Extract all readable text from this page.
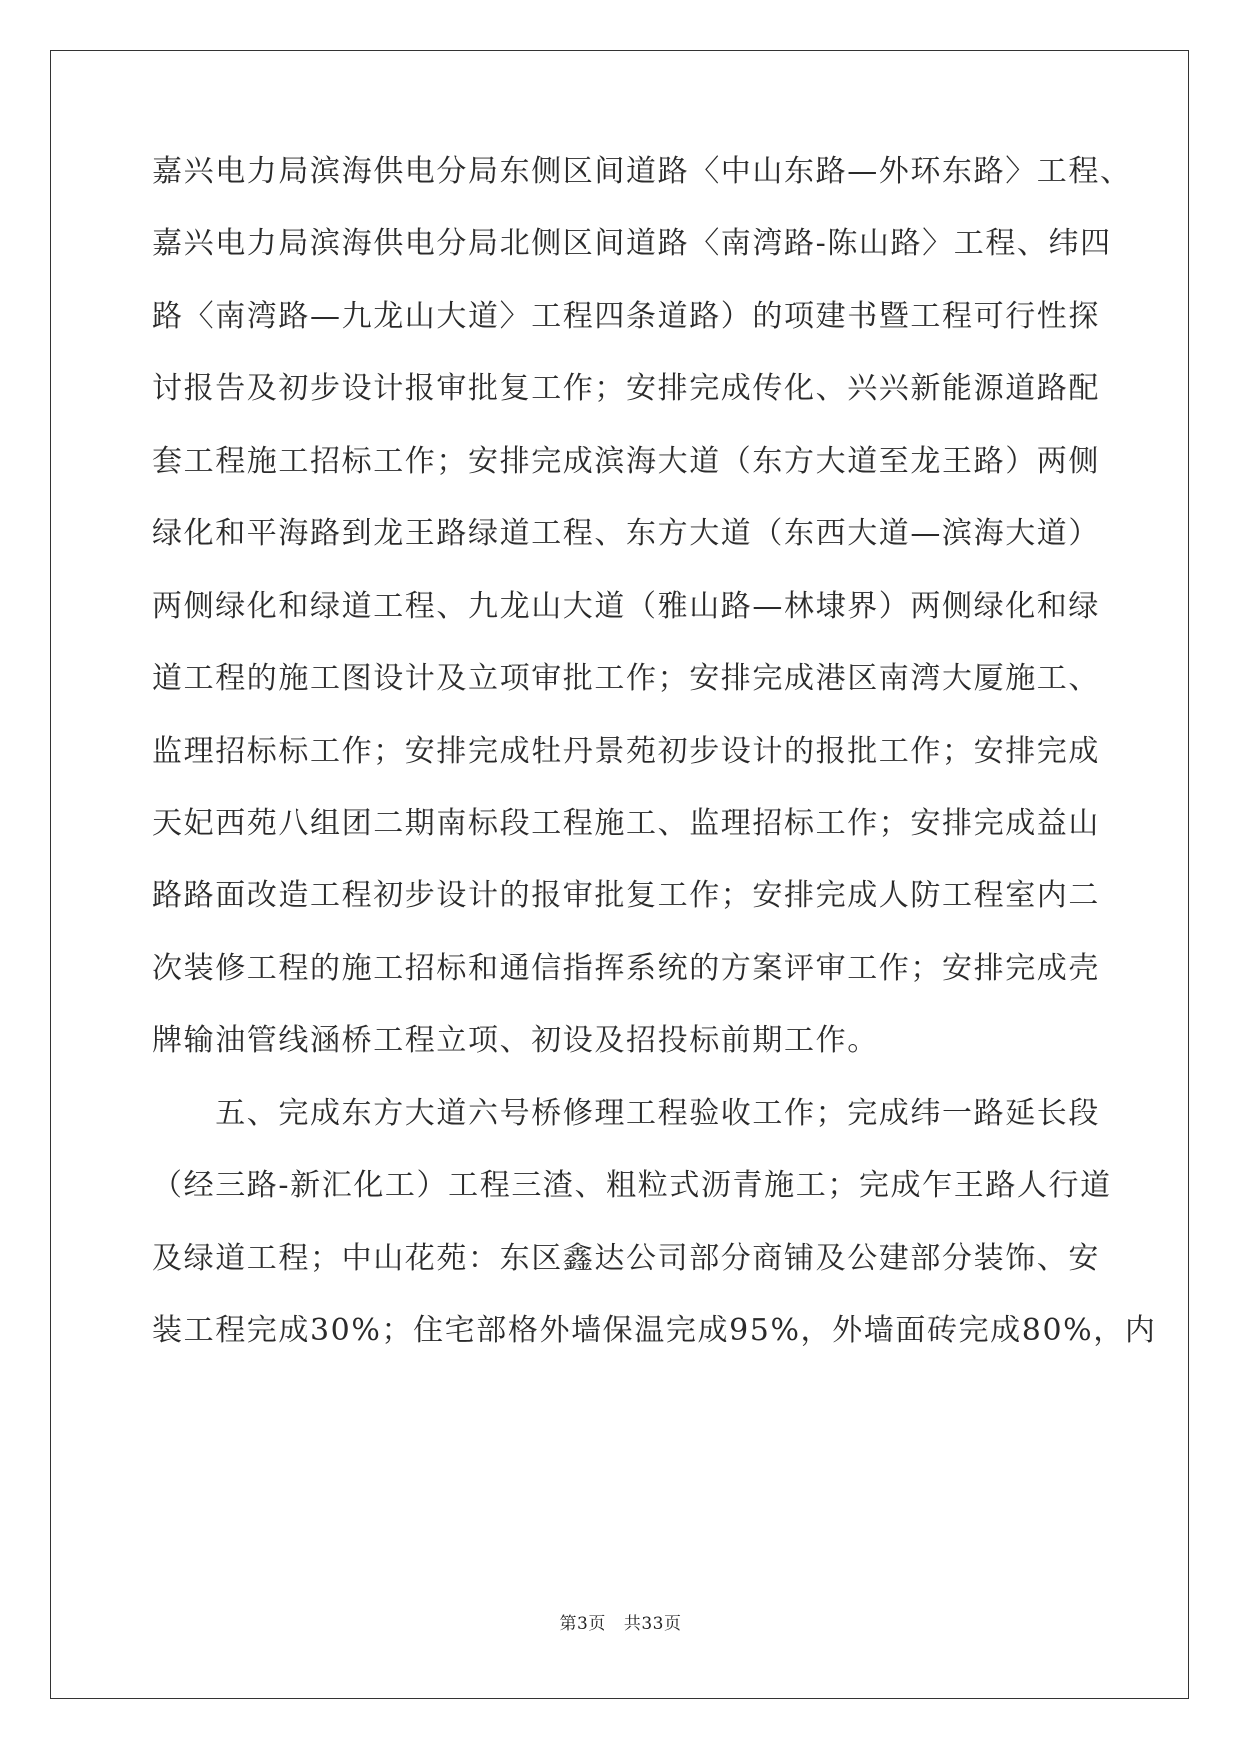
嘉兴电力局滨海供电分局东侧区间道路〈中山东路—外环东路〉工程、
嘉兴电力局滨海供电分局北侧区间道路〈南湾路-陈山路〉工程、纬四
路〈南湾路—九龙山大道〉工程四条道路）的项建书暨工程可行性探
讨报告及初步设计报审批复工作；安排完成传化、兴兴新能源道路配
套工程施工招标工作；安排完成滨海大道（东方大道至龙王路）两侧
绿化和平海路到龙王路绿道工程、东方大道（东西大道—滨海大道）
两侧绿化和绿道工程、九龙山大道（雅山路—林埭界）两侧绿化和绿
道工程的施工图设计及立项审批工作；安排完成港区南湾大厦施工、
监理招标标工作；安排完成牡丹景苑初步设计的报批工作；安排完成
天妃西苑八组团二期南标段工程施工、监理招标工作；安排完成益山
路路面改造工程初步设计的报审批复工作；安排完成人防工程室内二
次装修工程的施工招标和通信指挥系统的方案评审工作；安排完成壳
牌输油管线涵桥工程立项、初设及招投标前期工作。
　　五、完成东方大道六号桥修理工程验收工作；完成纬一路延长段
（经三路-新汇化工）工程三渣、粗粒式沥青施工；完成乍王路人行道
及绿道工程；中山花苑：东区鑫达公司部分商铺及公建部分装饰、安
装工程完成30%；住宅部格外墙保温完成95%，外墙面砖完成80%，内
第3页 共33页
